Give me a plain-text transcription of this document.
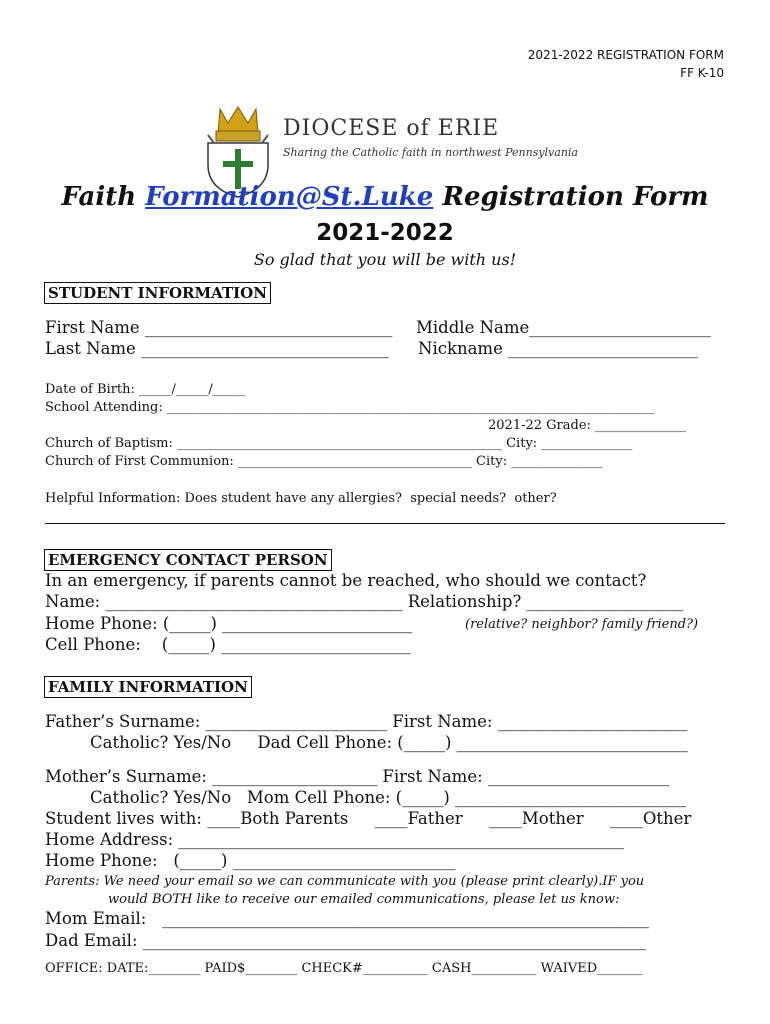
2021-2022 REGISTRATION FORM
FF K-10

DIOCESE of ERIE
Sharing the Catholic faith in northwest Pennsylvania
Faith Formation@St.Luke Registration Form
2021-2022
So glad that you will be with us!
STUDENT INFORMATION
First Name ______________________________ Middle Name______________________
Last Name ______________________________ Nickname _______________________
Date of Birth: _____/_____/_____
School Attending: ___________________________________________________________________________
2021-22 Grade: ______________
Church of Baptism: __________________________________________________ City: ______________
Church of First Communion: ____________________________________ City: ______________
Helpful Information: Does student have any allergies?  special needs?  other?
EMERGENCY CONTACT PERSON
In an emergency, if parents cannot be reached, who should we contact?
Name: ____________________________________ Relationship? ___________________
Home Phone: (_____) _______________________	(relative? neighbor? family friend?)
Cell Phone:    (_____) _______________________
FAMILY INFORMATION
Father’s Surname: ______________________ First Name: _______________________
Catholic? Yes/No     Dad Cell Phone: (_____) ____________________________
Mother’s Surname: ____________________ First Name: ______________________
Catholic? Yes/No   Mom Cell Phone: (_____) ____________________________
Student lives with: ____Both Parents     ____Father     ____Mother     ____Other
Home Address: ______________________________________________________
Home Phone:   (_____) ___________________________
Parents: We need your email so we can communicate with you (please print clearly).IF you
would BOTH like to receive our emailed communications, please let us know:
Mom Email:   ___________________________________________________________
Dad Email: _____________________________________________________________
OFFICE: DATE:________ PAID$________ CHECK#__________ CASH__________ WAIVED_______
